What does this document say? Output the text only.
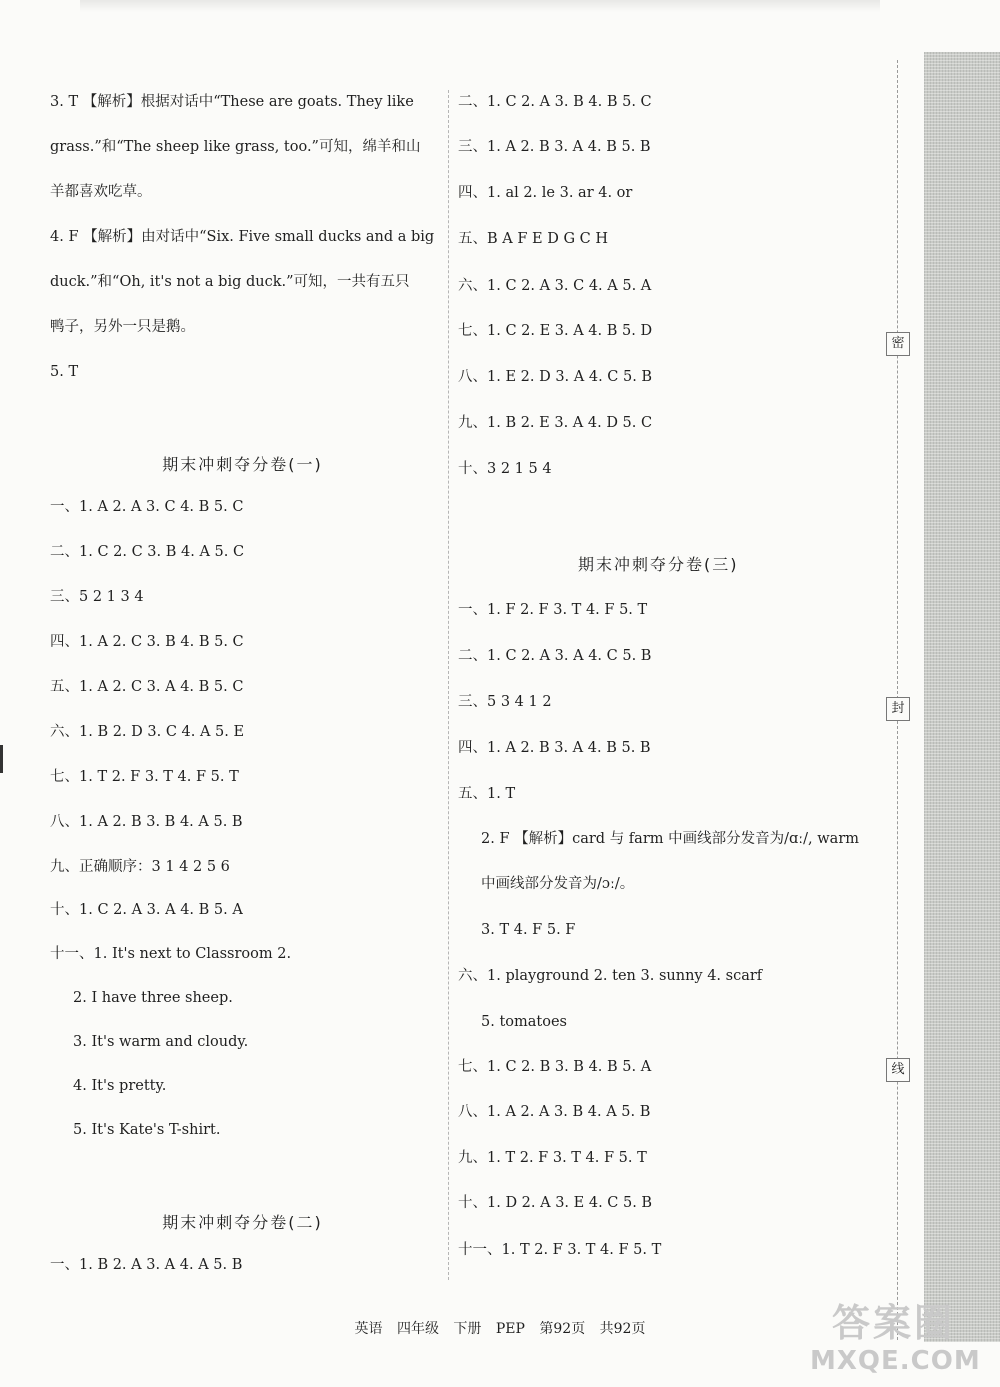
3. T 【解析】根据对话中“These are goats. They like
grass.”和“The sheep like grass, too.”可知，绵羊和山
羊都喜欢吃草。
4. F 【解析】由对话中“Six. Five small ducks and a big
duck.”和“Oh, it's not a big duck.”可知，一共有五只
鸭子，另外一只是鹅。
5. T
一、1. A 2. A 3. C 4. B 5. C
二、1. C 2. C 3. B 4. A 5. C
三、5 2 1 3 4
四、1. A 2. C 3. B 4. B 5. C
五、1. A 2. C 3. A 4. B 5. C
六、1. B 2. D 3. C 4. A 5. E
七、1. T 2. F 3. T 4. F 5. T
八、1. A 2. B 3. B 4. A 5. B
九、正确顺序：3 1 4 2 5 6
十、1. C 2. A 3. A 4. B 5. A
十一、1. It's next to Classroom 2.
2. I have three sheep.
3. It's warm and cloudy.
4. It's pretty.
5. It's Kate's T-shirt.
一、1. B 2. A 3. A 4. A 5. B
期末冲刺夺分卷(一)
期末冲刺夺分卷(二)
二、1. C 2. A 3. B 4. B 5. C
三、1. A 2. B 3. A 4. B 5. B
四、1. al 2. le 3. ar 4. or
五、B A F E D G C H
六、1. C 2. A 3. C 4. A 5. A
七、1. C 2. E 3. A 4. B 5. D
八、1. E 2. D 3. A 4. C 5. B
九、1. B 2. E 3. A 4. D 5. C
十、3 2 1 5 4
一、1. F 2. F 3. T 4. F 5. T
二、1. C 2. A 3. A 4. C 5. B
三、5 3 4 1 2
四、1. A 2. B 3. A 4. B 5. B
五、1. T
2. F 【解析】card 与 farm 中画线部分发音为/ɑː/, warm
中画线部分发音为/ɔː/。
3. T 4. F 5. F
六、1. playground 2. ten 3. sunny 4. scarf
5. tomatoes
七、1. C 2. B 3. B 4. B 5. A
八、1. A 2. A 3. B 4. A 5. B
九、1. T 2. F 3. T 4. F 5. T
十、1. D 2. A 3. E 4. C 5. B
十一、1. T 2. F 3. T 4. F 5. T
期末冲刺夺分卷(三)
密
封
线
英语 四年级 下册 PEP 第92页 共92页	答案圈
MXQE.COM
